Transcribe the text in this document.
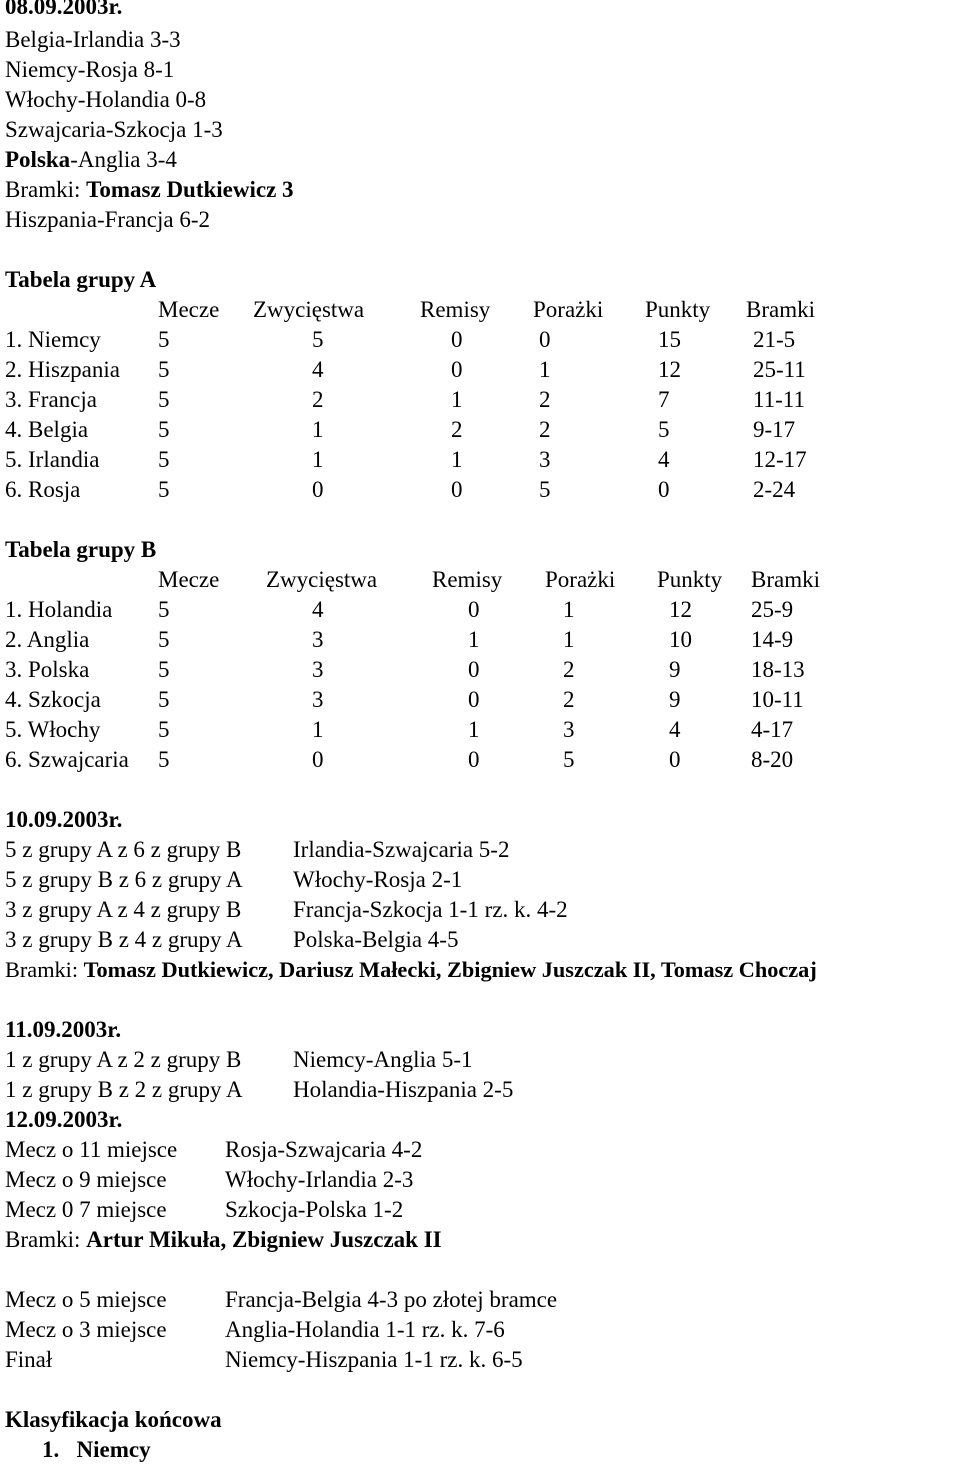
08.09.2003r.
Belgia-Irlandia 3-3
Niemcy-Rosja 8-1
Włochy-Holandia 0-8
Szwajcaria-Szkocja 1-3
Polska-Anglia 3-4
Bramki: Tomasz Dutkiewicz 3
Hiszpania-Francja 6-2
Tabela grupy A
Mecze Zwycięstwa Remisy Porażki Punkty Bramki
1. Niemcy 5	5	0	0	15	21-5
2. Hiszpania 5	4	0	1	12	25-11
3. Francja	5	2	1	2	7	11-11
4. Belgia	5	1	2	2	5	9-17
5. Irlandia	5	1	1	3	4	12-17
6. Rosja	5	0	0	5	0	2-24
Tabela grupy B
Mecze Zwycięstwa Remisy Porażki Punkty Bramki
1. Holandia 5	4	0	1	12	25-9
2. Anglia	5	3	1	1	10	14-9
3. Polska	5	3	0	2	9	18-13
4. Szkocja 5	3	0	2	9	10-11
5. Włochy	5	1	1	3	4	4-17
6. Szwajcaria 5	0	0	5	0	8-20
10.09.2003r.
5 z grupy A z 6 z grupy B Irlandia-Szwajcaria 5-2
5 z grupy B z 6 z grupy A Włochy-Rosja 2-1
3 z grupy A z 4 z grupy B Francja-Szkocja 1-1 rz. k. 4-2
3 z grupy B z 4 z grupy A Polska-Belgia 4-5
Bramki: Tomasz Dutkiewicz, Dariusz Małecki, Zbigniew Juszczak II, Tomasz Choczaj
11.09.2003r.
1 z grupy A z 2 z grupy B Niemcy-Anglia 5-1
1 z grupy B z 2 z grupy A Holandia-Hiszpania 2-5
12.09.2003r.
Mecz o 11 miejsce Rosja-Szwajcaria 4-2
Mecz o 9 miejsce	Włochy-Irlandia 2-3
Mecz 0 7 miejsce	Szkocja-Polska 1-2
Bramki: Artur Mikuła, Zbigniew Juszczak II
Mecz o 5 miejsce	Francja-Belgia 4-3 po złotej bramce
Mecz o 3 miejsce	Anglia-Holandia 1-1 rz. k. 7-6
Finał	Niemcy-Hiszpania 1-1 rz. k. 6-5
Klasyfikacja końcowa
1.   Niemcy
